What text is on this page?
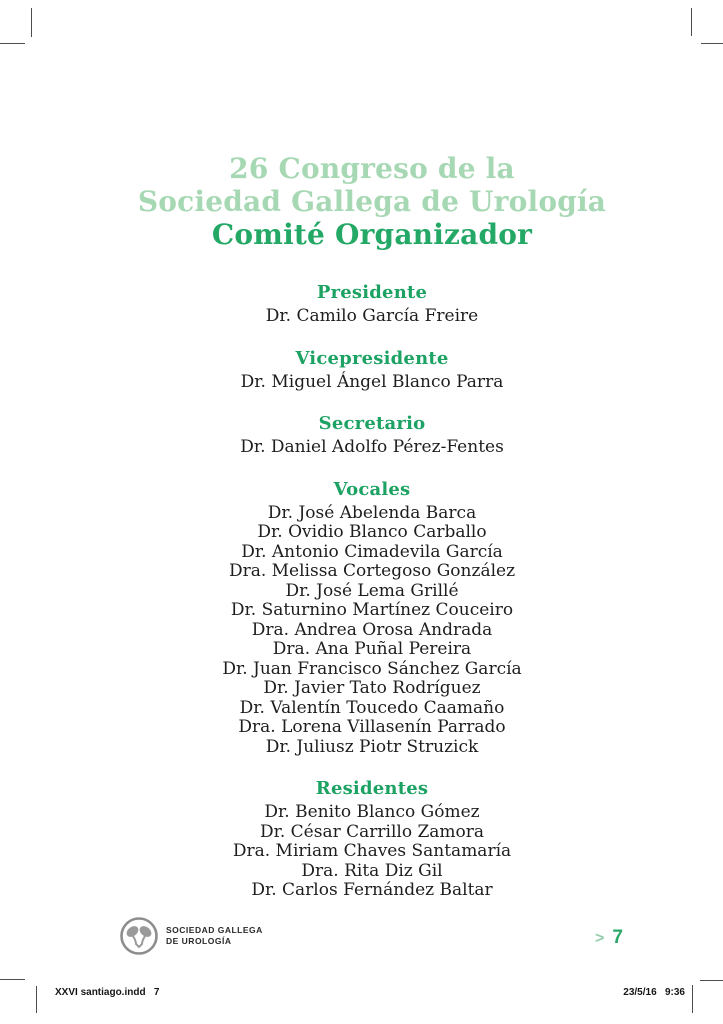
26 Congreso de la
Sociedad Gallega de Urología
Comité Organizador
Presidente
Dr. Camilo García Freire
Vicepresidente
Dr. Miguel Ángel Blanco Parra
Secretario
Dr. Daniel Adolfo Pérez-Fentes
Vocales
Dr. José Abelenda Barca
Dr. Ovidio Blanco Carballo
Dr. Antonio Cimadevila García
Dra. Melissa Cortegoso González
Dr. José Lema Grillé
Dr. Saturnino Martínez Couceiro
Dra. Andrea Orosa Andrada
Dra. Ana Puñal Pereira
Dr. Juan Francisco Sánchez García
Dr. Javier Tato Rodríguez
Dr. Valentín Toucedo Caamaño
Dra. Lorena Villasenín Parrado
Dr. Juliusz Piotr Struzick
Residentes
Dr. Benito Blanco Gómez
Dr. César Carrillo Zamora
Dra. Miriam Chaves Santamaría
Dra. Rita Diz Gil
Dr. Carlos Fernández Baltar
SOCIEDAD GALLEGA
DE UROLOGÍA	> 7
XXVI santiago.indd   7	23/5/16   9:36
